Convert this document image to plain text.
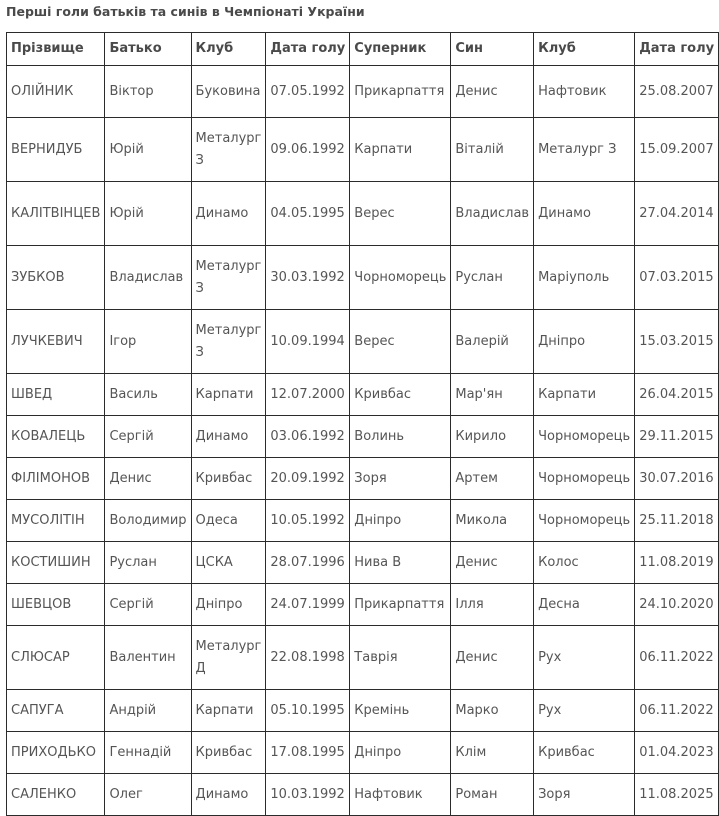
Перші голи батьків та синів в Чемпіонаті України
Прізвище	Батько	Клуб	Дата голу	Суперник	Син	Клуб	Дата голу
ОЛІЙНИК	Віктор	Буковина	07.05.1992	Прикарпаття	Денис	Нафтовик	25.08.2007
ВЕРНИДУБ	Юрій	Металург З	09.06.1992	Карпати	Віталій	Металург З	15.09.2007
КАЛІТВІНЦЕВ	Юрій	Динамо	04.05.1995	Верес	Владислав	Динамо	27.04.2014
ЗУБКОВ	Владислав	Металург З	30.03.1992	Чорноморець	Руслан	Маріуполь	07.03.2015
ЛУЧКЕВИЧ	Ігор	Металург З	10.09.1994	Верес	Валерій	Дніпро	15.03.2015
ШВЕД	Василь	Карпати	12.07.2000	Кривбас	Мар'ян	Карпати	26.04.2015
КОВАЛЕЦЬ	Сергій	Динамо	03.06.1992	Волинь	Кирило	Чорноморець	29.11.2015
ФІЛІМОНОВ	Денис	Кривбас	20.09.1992	Зоря	Артем	Чорноморець	30.07.2016
МУСОЛІТІН	Володимир	Одеса	10.05.1992	Дніпро	Микола	Чорноморець	25.11.2018
КОСТИШИН	Руслан	ЦСКА	28.07.1996	Нива В	Денис	Колос	11.08.2019
ШЕВЦОВ	Сергій	Дніпро	24.07.1999	Прикарпаття	Ілля	Десна	24.10.2020
СЛЮСАР	Валентин	Металург Д	22.08.1998	Таврія	Денис	Рух	06.11.2022
САПУГА	Андрій	Карпати	05.10.1995	Кремінь	Марко	Рух	06.11.2022
ПРИХОДЬКО	Геннадій	Кривбас	17.08.1995	Дніпро	Клім	Кривбас	01.04.2023
САЛЕНКО	Олег	Динамо	10.03.1992	Нафтовик	Роман	Зоря	11.08.2025
